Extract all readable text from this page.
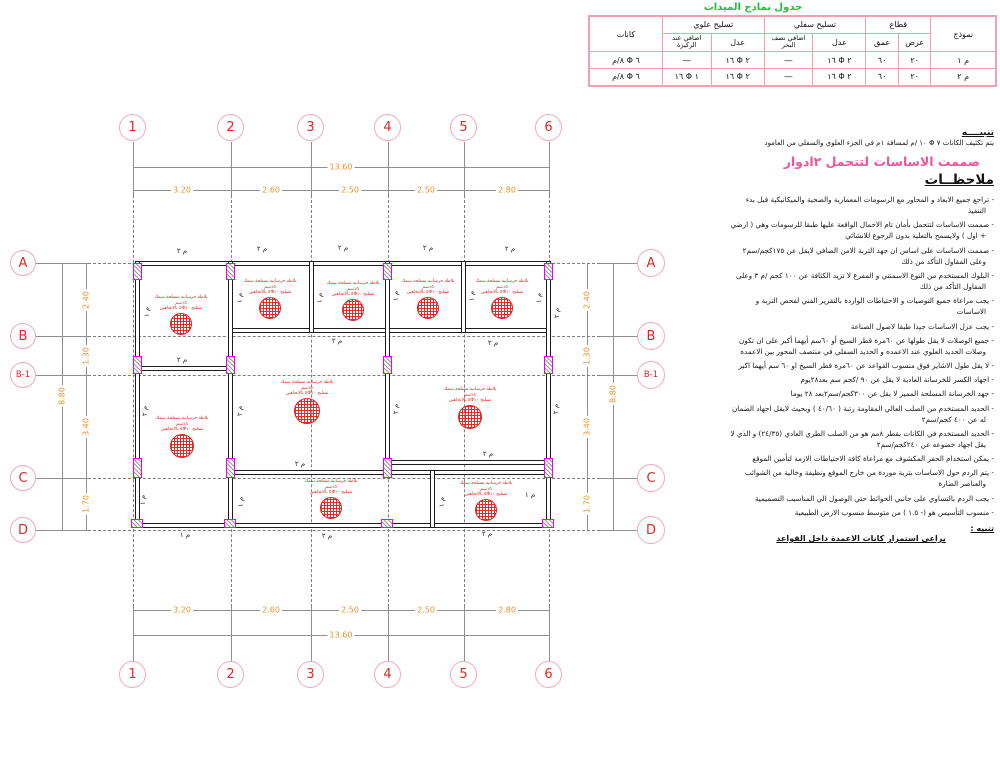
13.60
3.20	2.60	2.50	2.50	2.80
3.20	2.60	2.50	2.50	2.80
13.60
8.80
2.40
1.30
3.40
1.70
2.40
1.30
3.40
1.70
8.80
بلاطة خرسانية مسلحة سمك ١٥سم
تسليح ٥Φ١٠ بالاتجاهين
بلاطة خرسانية مسلحة سمك ١٥سم
تسليح ٥Φ١٠ بالاتجاهين
بلاطة خرسانية مسلحة سمك ١٥سم
تسليح ٥Φ١٠ بالاتجاهين
بلاطة خرسانية مسلحة سمك ١٥سم
تسليح ٥Φ١٠ بالاتجاهين
بلاطة خرسانية مسلحة سمك ١٥سم
تسليح ٥Φ١٠ بالاتجاهين
بلاطة خرسانية مسلحة سمك ١٥سم
تسليح ٥Φ١٠ بالاتجاهين
بلاطة خرسانية مسلحة سمك ١٥سم
تسليح ٥Φ١٠ بالاتجاهين
بلاطة خرسانية مسلحة سمك ١٥سم
تسليح ٥Φ١٠ بالاتجاهين
بلاطة خرسانية مسلحة سمك ١٥سم
تسليح ٥Φ١٠ بالاتجاهين
بلاطة خرسانية مسلحة سمك ١٥سم
تسليح ٥Φ١٠ بالاتجاهين
م ٢	م ٢	م ٢	م ٢	م ٢
م ٢	م ٢
م ٢
م ٢
م ٢
م ١	م ٢	م ٢
م ١
م ١
م ٢
م ١
م ١
م ١	م ١
م ١
م ١
م ٢	م ٢
م ٢
م ٢
م ١
م ١
1	2	3	4	5	6
1	2	3	4	5	6
A
B
B-1
C
D
A
B
B-1
C
D
جدول نماذج الميدات
نموذج	قطاع		تسليح سفلي		تسليح علوي		كانات
	عرض	عمق	عدل	اضافي نصف البحر	عدل	اضافي عند الركيزة	
م ١	٢٠	٦٠	٢ Φ ١٦	―	٢ Φ ١٦	―	٦ Φ ٨/م
م ٢	٢٠	٦٠	٢ Φ ١٦	―	٢ Φ ١٦	١ Φ ١٦	٦ Φ ٨/م
تنبيــــه
يتم تكثيف الكانات ٧ Φ ١٠ /م لمسافة ١م في الجزء العلوي والسفلي من العامود
صممت الاساسات لتتحمل ٢ادوار
ملاحظــات
- تراجع جميع الابعاد و المحاور مع الرسومات المعمارية والصحية والميكانيكية قبل بدء التنفيذ
- صممت الاساسات لتتحمل بأمان تام الاحمال الواقعة عليها طبقا للرسومات وهي ( ارضي + اول ) ولايسمح بالتعلية بدون الرجوع للانشائي
- صممت الاساسات على اساس ان جهد التربة الامن الصافي لايقل عن ١٧٥كجم/سم٢ وعلى المقاول التأكد من ذلك
- البلوك المستخدم من النوع الاسمنتي و المفرغ لا تزيد الكثافة عن ١٠٠ كجم /م ٣ وعلى المقاول التأكد من ذلك
- يجب مراعاة جميع التوصيات و الاحتياطات الواردة بالتقرير الفني لفحص التربة و الاساسات
- يجب عزل الاساسات جيدا طبقا لاصول الصناعة
- جميع الوصلات لا يقل طولها عن ٦٠مرة قطر السيخ أو ٦٠سم أيهما أكبر على ان تكون وصلات الحديد العلوي عند الاعمده و الحديد السفلي في منتصف المحور بين الاعمده
- لا يقل طول الاشاير فوق منسوب القواعد عن ٦٠مرة قطر السيخ او ٦٠ سم أيهما اكبر
- اجهاد الكسر للخرسانة العادية لا يقل عن ٩٠ /كجم سم بعد٢٨يوم
- جهد الخرسانة المسلحة المميز لا يقل عن ٣٠٠كجم/سم٢بعد ٢٨ يوما
- الحديد المستخدم من الصلب العالي المقاومة رتبة ( ٤٠/٦٠ ) وبحيث لايقل اجهاد الضمان له عن ٤٠٠ كجم/سم٢
- الحديد المستخدم في الكانات بقطر ٨مم هو من الصلب الطري العادي (٢٤/٣٥) و الذي لا يقل اجهاد خضوعه عن ٢٤٠كجم/سم٢
- يمكن استخدام الحفر المكشوف مع مراعاة كافة الاحتياطات الازمة لتأمين الموقع
- يتم الردم حول الاساسات بتربة موردة من خارج الموقع ونظيفة وخالية من الشوائب والعناصر الضارة
- يجب الردم بالتساوي على جانبي الحوائط حتي الوصول الي المناسيب التصميمية
- منسوب التأسيس هو (- ١.٥ ) من متوسط منسوب الارض الطبيعية
تنبيه :
يراعى استمرار كانات الاعمدة داخل القواعد
